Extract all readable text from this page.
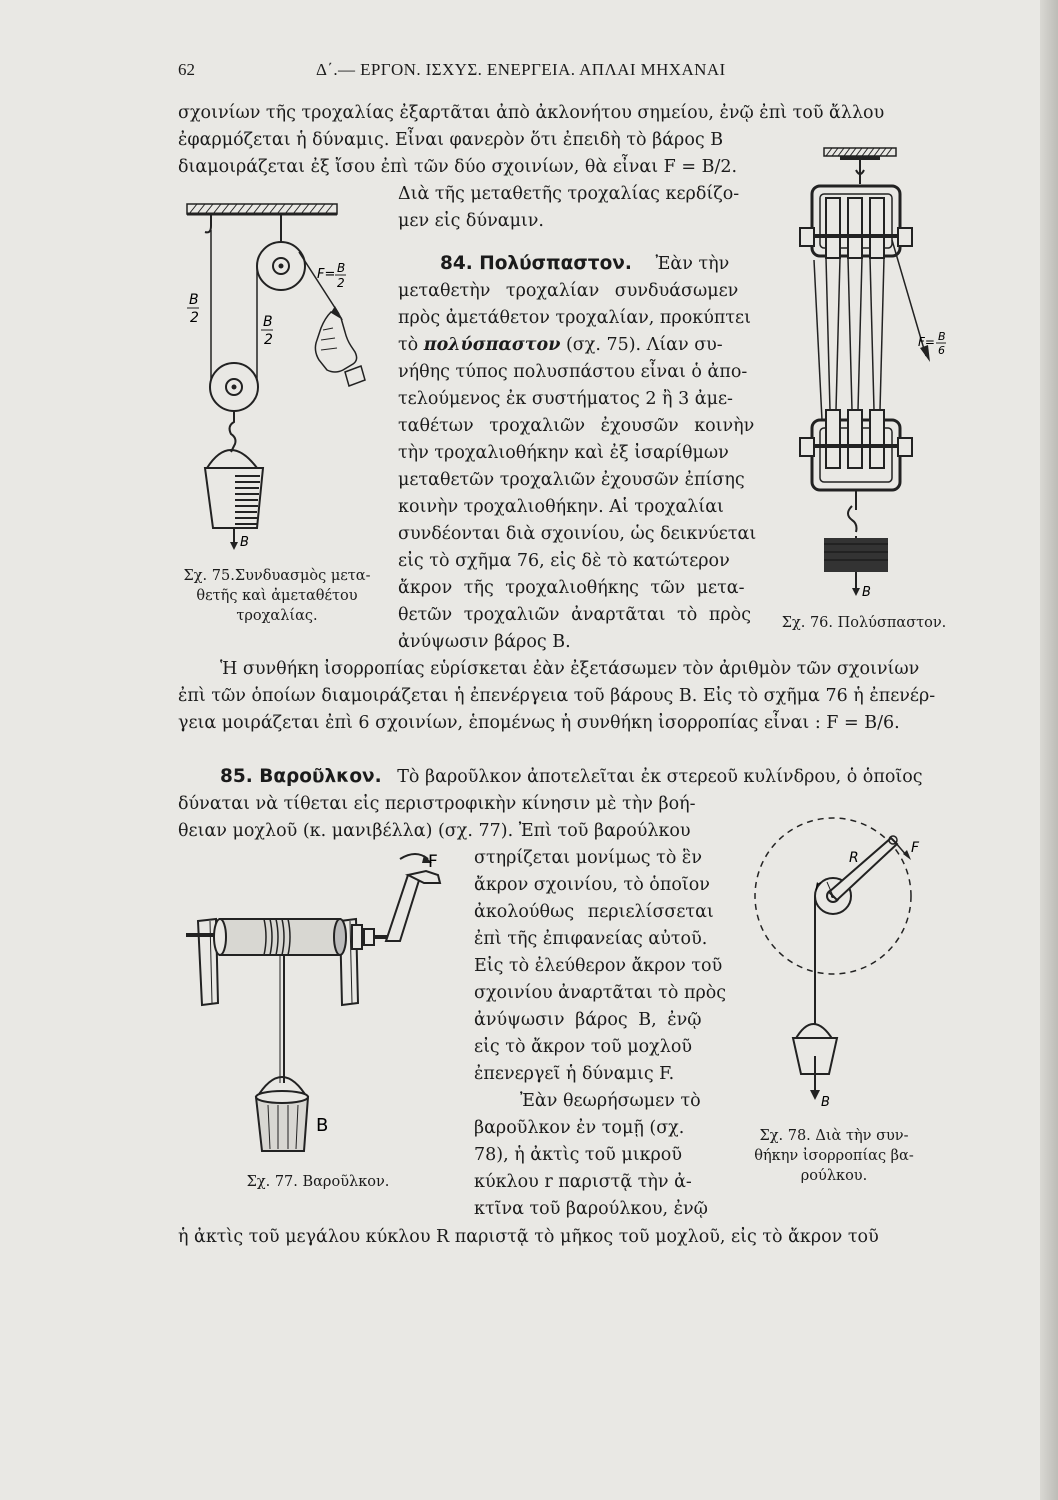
62	Δ΄.— ΕΡΓΟΝ. ΙΣΧΥΣ. ΕΝΕΡΓΕΙΑ. ΑΠΛΑΙ ΜΗΧΑΝΑΙ
σχοινίων τῆς τροχαλίας ἐξαρτᾶται ἀπὸ ἀκλονήτου σημείου, ἐνῷ ἐπὶ τοῦ ἄλλου
ἐφαρμόζεται ἡ δύναμις. Εἶναι φανερὸν ὅτι ἐπειδὴ τὸ βάρος Β
διαμοιράζεται ἐξ ἴσου ἐπὶ τῶν δύο σχοινίων, θὰ εἶναι F = Β/2.
Διὰ τῆς μεταθετῆς τροχαλίας κερδίζο-
μεν εἰς δύναμιν.
84. Πολύσπαστον. Ἐὰν τὴν
μεταθετὴν τροχαλίαν συνδυάσωμεν
πρὸς ἀμετάθετον τροχαλίαν, προκύπτει
τὸ πολύσπαστον (σχ. 75). Λίαν συ-
νήθης τύπος πολυσπάστου εἶναι ὁ ἀπο-
τελούμενος ἐκ συστήματος 2 ἢ 3 ἀμε-
ταθέτων τροχαλιῶν ἐχουσῶν κοινὴν
τὴν τροχαλιοθήκην καὶ ἐξ ἰσαρίθμων
μεταθετῶν τροχαλιῶν ἐχουσῶν ἐπίσης
κοινὴν τροχαλιοθήκην. Αἱ τροχαλίαι
συνδέονται διὰ σχοινίου, ὡς δεικνύεται
εἰς τὸ σχῆμα 76, εἰς δὲ τὸ κατώτερον
ἄκρον τῆς τροχαλιοθήκης τῶν μετα-
θετῶν τροχαλιῶν ἀναρτᾶται τὸ πρὸς
ἀνύψωσιν βάρος Β.
Ἡ συνθήκη ἰσορροπίας εὑρίσκεται ἐὰν ἐξετάσωμεν τὸν ἀριθμὸν τῶν σχοινίων
ἐπὶ τῶν ὁποίων διαμοιράζεται ἡ ἐπενέργεια τοῦ βάρους Β. Εἰς τὸ σχῆμα 76 ἡ ἐπενέρ-
γεια μοιράζεται ἐπὶ 6 σχοινίων, ἑπομένως ἡ συνθήκη ἰσορροπίας εἶναι : F = Β/6.
85. Βαροῦλκον. Τὸ βαροῦλκον ἀποτελεῖται ἐκ στερεοῦ κυλίνδρου, ὁ ὁποῖος
δύναται νὰ τίθεται εἰς περιστροφικὴν κίνησιν μὲ τὴν βοή-
θειαν μοχλοῦ (κ. μανιβέλλα) (σχ. 77). Ἐπὶ τοῦ βαρούλκου
στηρίζεται μονίμως τὸ ἓν
ἄκρον σχοινίου, τὸ ὁποῖον
ἀκολούθως περιελίσσεται
ἐπὶ τῆς ἐπιφανείας αὐτοῦ.
Εἰς τὸ ἐλεύθερον ἄκρον τοῦ
σχοινίου ἀναρτᾶται τὸ πρὸς
ἀνύψωσιν βάρος Β, ἐνῷ
εἰς τὸ ἄκρον τοῦ μοχλοῦ
ἐπενεργεῖ ἡ δύναμις F.
Ἐὰν θεωρήσωμεν τὸ
βαροῦλκον ἐν τομῇ (σχ.
78), ἡ ἀκτὶς τοῦ μικροῦ
κύκλου r παριστᾷ τὴν ἀ-
κτῖνα τοῦ βαρούλκου, ἐνῷ
ἡ ἀκτὶς τοῦ μεγάλου κύκλου R παριστᾷ τὸ μῆκος τοῦ μοχλοῦ, εἰς τὸ ἄκρον τοῦ
B
2	B
2
F= B
2
B
Σχ. 75.Συνδυασμὸς μετα-
θετῆς καὶ ἀμεταθέτου
τροχαλίας.
F= B
6
B
Σχ. 76. Πολύσπαστον.
F
B
Σχ. 77. Βαροῦλκον.
R
r
F
B
Σχ. 78. Διὰ τὴν συν-
θήκην ἰσορροπίας βα-
ρούλκου.
